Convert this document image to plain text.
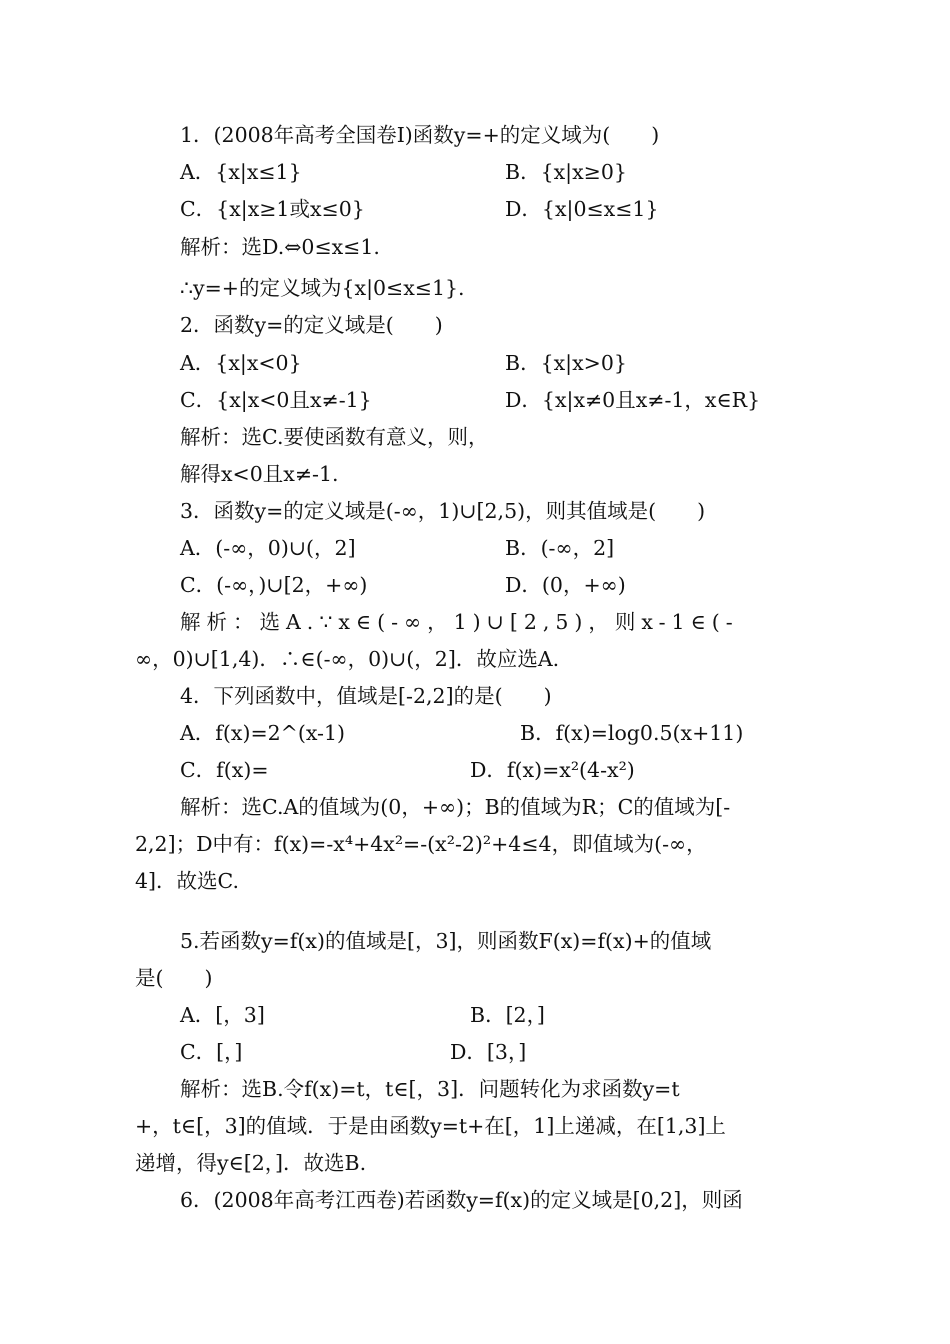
1．(2008年高考全国卷Ⅰ)函数y=+的定义域为(　　)
A．{x|x≤1}	B．{x|x≥0}
C．{x|x≥1或x≤0}	D．{x|0≤x≤1}
解析：选D.⇔0≤x≤1.
∴y=+的定义域为{x|0≤x≤1}.
2．函数y=的定义域是(　　)
A．{x|x<0}	B．{x|x>0}
C．{x|x<0且x≠-1}	D．{x|x≠0且x≠-1，x∈R}
解析：选C.要使函数有意义，则，
解得x<0且x≠-1.
3．函数y=的定义域是(-∞，1)∪[2,5)，则其值域是(　　)
A．(-∞，0)∪(，2]	B．(-∞，2]
C．(-∞，)∪[2，+∞)	D．(0，+∞)
解析：选A.∵x∈(-∞，1)∪[2,5)，则x-1∈(-
∞，0)∪[1,4)．∴∈(-∞，0)∪(，2]．故应选A.
4．下列函数中，值域是[-2,2]的是(　　)
A．f(x)=2^(x-1)	B．f(x)=log0.5(x+11)
C．f(x)=	D．f(x)=x²(4-x²)
解析：选C.A的值域为(0，+∞)；B的值域为R；C的值域为[-
2,2]；D中有：f(x)=-x⁴+4x²=-(x²-2)²+4≤4，即值域为(-∞，
4]．故选C.
5.若函数y=f(x)的值域是[，3]，则函数F(x)=f(x)+的值域
是(　　)
A．[，3]	B．[2，]
C．[，]	D．[3，]
解析：选B.令f(x)=t，t∈[，3]．问题转化为求函数y=t
+，t∈[，3]的值域．于是由函数y=t+在[，1]上递减，在[1,3]上
递增，得y∈[2，]．故选B.
6．(2008年高考江西卷)若函数y=f(x)的定义域是[0,2]，则函
